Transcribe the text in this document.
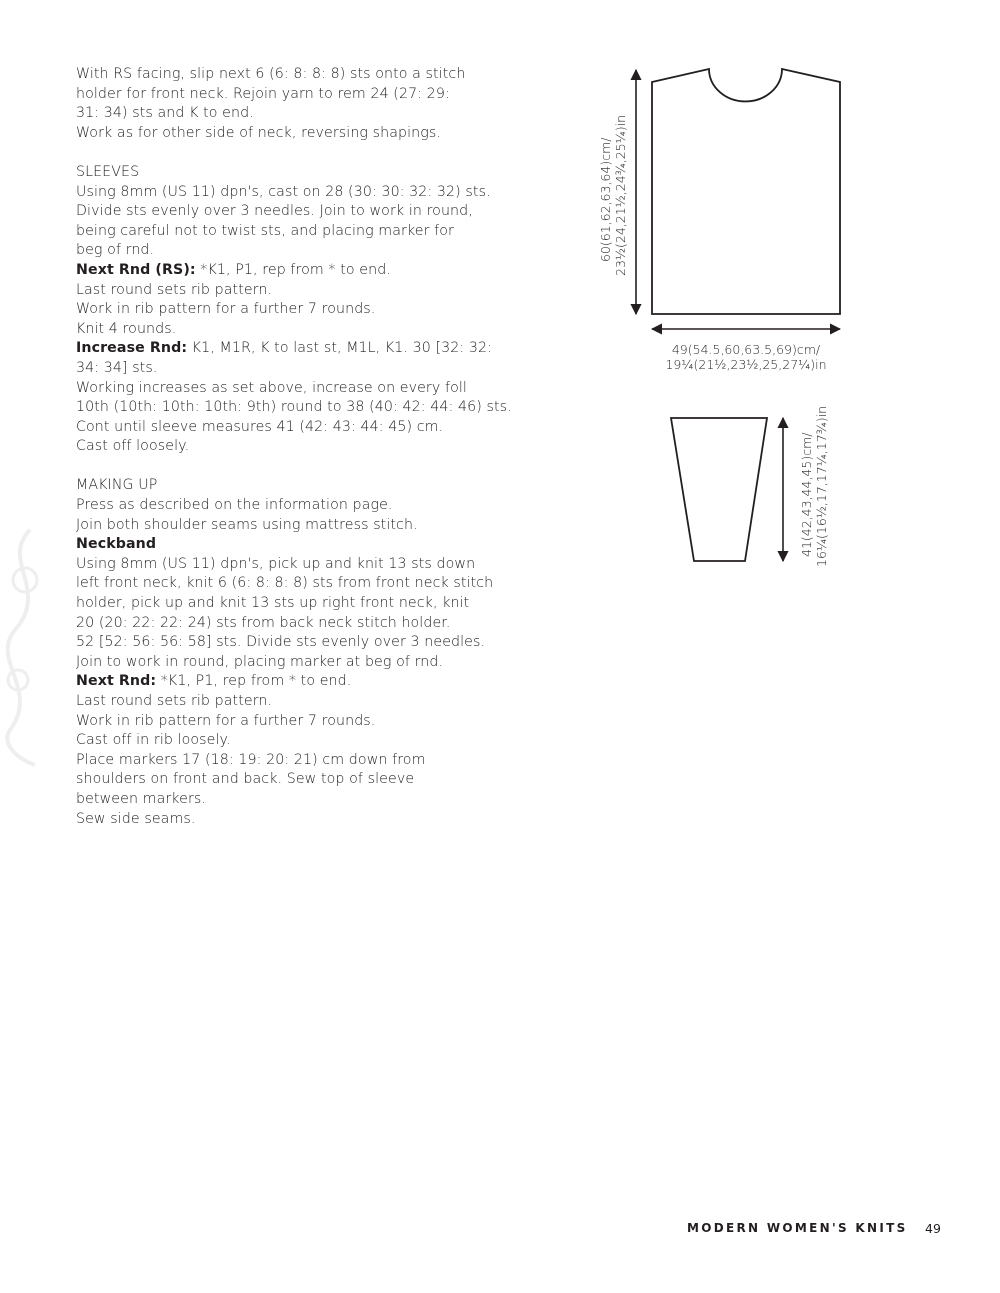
With RS facing, slip next 6 (6: 8: 8: 8) sts onto a stitch
holder for front neck. Rejoin yarn to rem 24 (27: 29:
31: 34) sts and K to end.
Work as for other side of neck, reversing shapings.
SLEEVES
Using 8mm (US 11) dpn's, cast on 28 (30: 30: 32: 32) sts.
Divide sts evenly over 3 needles. Join to work in round,
being careful not to twist sts, and placing marker for
beg of rnd.
Next Rnd (RS): *K1, P1, rep from * to end.
Last round sets rib pattern.
Work in rib pattern for a further 7 rounds.
Knit 4 rounds.
Increase Rnd: K1, M1R, K to last st, M1L, K1. 30 [32: 32:
34: 34] sts.
Working increases as set above, increase on every foll
10th (10th: 10th: 10th: 9th) round to 38 (40: 42: 44: 46) sts.
Cont until sleeve measures 41 (42: 43: 44: 45) cm.
Cast off loosely.
MAKING UP
Press as described on the information page.
Join both shoulder seams using mattress stitch.
Neckband
Using 8mm (US 11) dpn's, pick up and knit 13 sts down
left front neck, knit 6 (6: 8: 8: 8) sts from front neck stitch
holder, pick up and knit 13 sts up right front neck, knit
20 (20: 22: 22: 24) sts from back neck stitch holder.
52 [52: 56: 56: 58] sts. Divide sts evenly over 3 needles.
Join to work in round, placing marker at beg of rnd.
Next Rnd: *K1, P1, rep from * to end.
Last round sets rib pattern.
Work in rib pattern for a further 7 rounds.
Cast off in rib loosely.
Place markers 17 (18: 19: 20: 21) cm down from
shoulders on front and back. Sew top of sleeve
between markers.
Sew side seams.
60(61,62,63,64)cm/ 23½(24,21½,24¾,25¼)in
49(54.5,60,63.5,69)cm/
19¼(21½,23½,25,27¼)in
41(42,43,44,45)cm/ 16¼(16½,17,17¼,17¾)in
MODERN WOMEN'S KNITS 49
